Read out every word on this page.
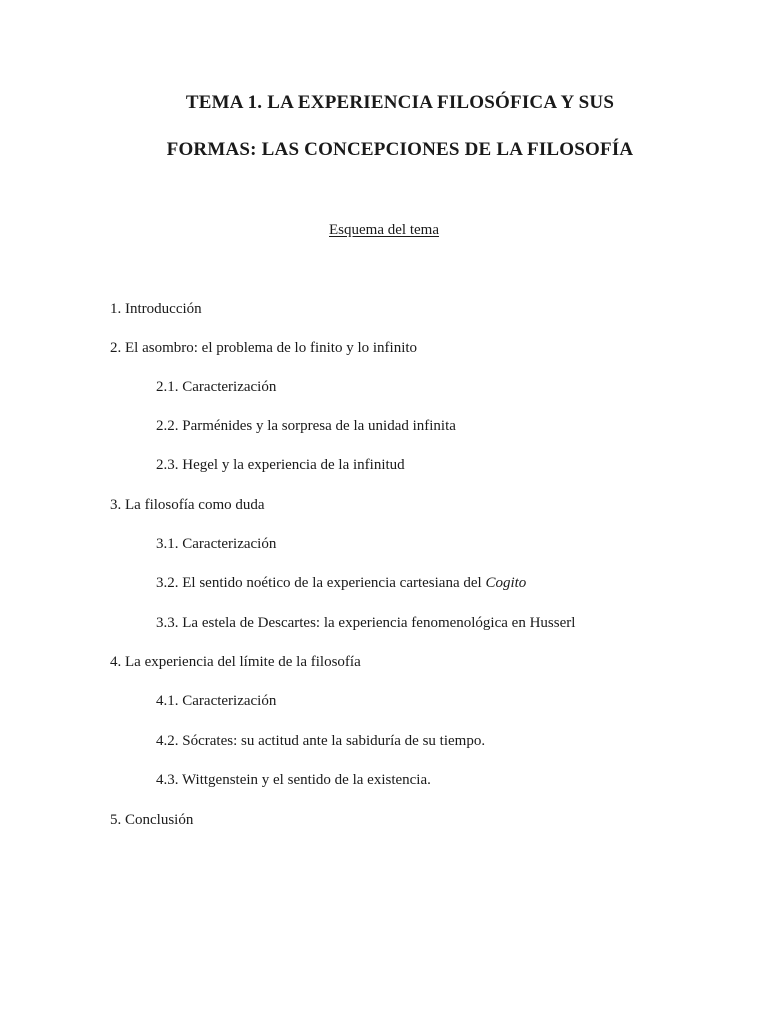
TEMA 1. LA EXPERIENCIA FILOSÓFICA Y SUS
FORMAS: LAS CONCEPCIONES DE LA FILOSOFÍA
Esquema del tema
1. Introducción
2. El asombro: el problema de lo finito y lo infinito
2.1. Caracterización
2.2. Parménides y la sorpresa de la unidad infinita
2.3. Hegel y la experiencia de la infinitud
3. La filosofía como duda
3.1. Caracterización
3.2. El sentido noético de la experiencia cartesiana del Cogito
3.3. La estela de Descartes: la experiencia fenomenológica en Husserl
4. La experiencia del límite de la filosofía
4.1. Caracterización
4.2. Sócrates: su actitud ante la sabiduría de su tiempo.
4.3. Wittgenstein y el sentido de la existencia.
5. Conclusión
